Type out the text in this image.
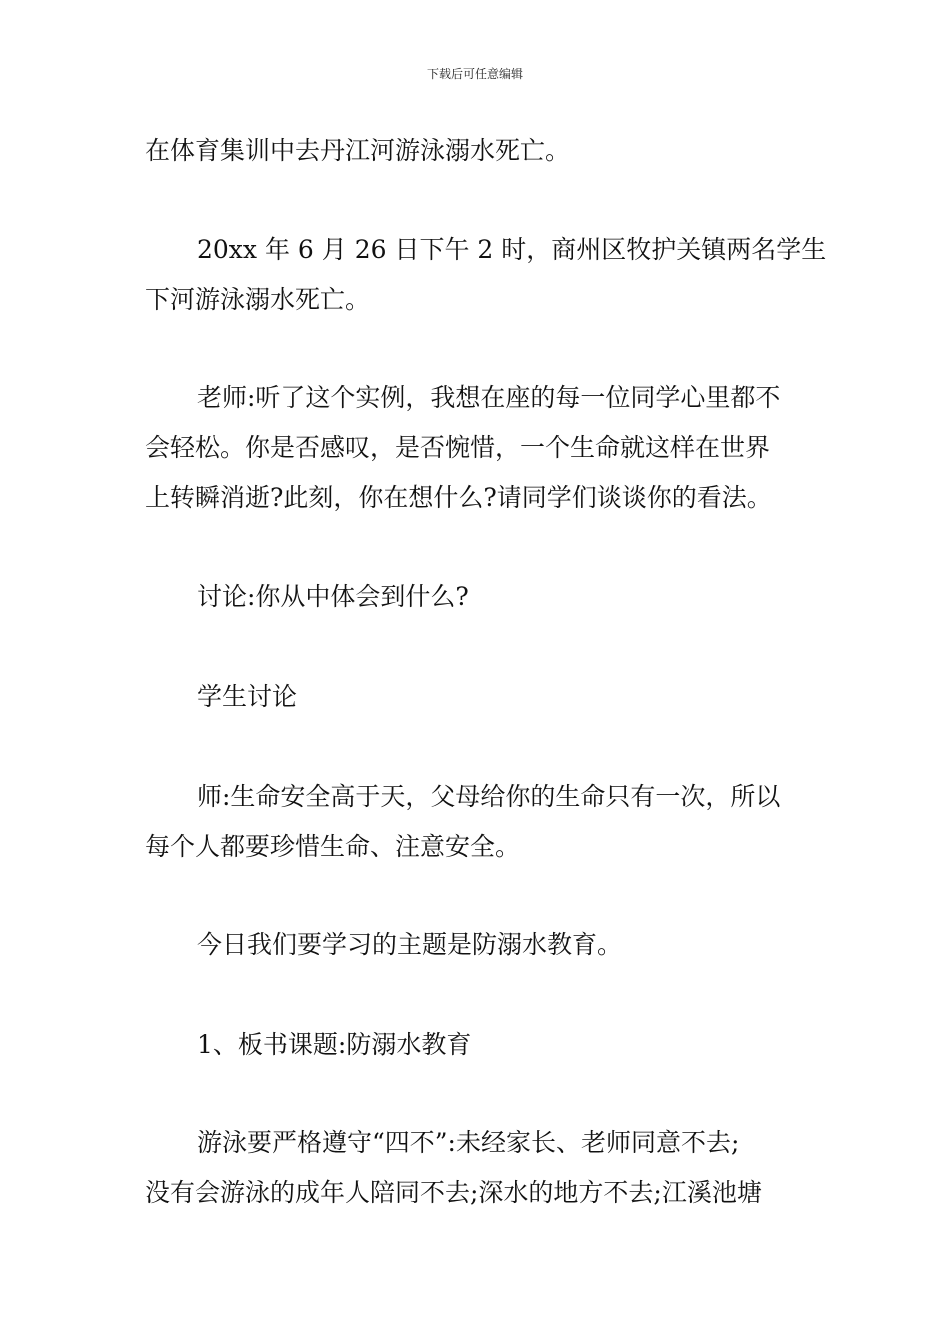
下载后可任意编辑
在体育集训中去丹江河游泳溺水死亡。
20xx 年 6 月 26 日下午 2 时，商州区牧护关镇两名学生
下河游泳溺水死亡。
老师:听了这个实例，我想在座的每一位同学心里都不
会轻松。你是否感叹，是否惋惜，一个生命就这样在世界
上转瞬消逝?此刻，你在想什么?请同学们谈谈你的看法。
讨论:你从中体会到什么?
学生讨论
师:生命安全高于天，父母给你的生命只有一次，所以
每个人都要珍惜生命、注意安全。
今日我们要学习的主题是防溺水教育。
1、板书课题:防溺水教育
游泳要严格遵守“四不”:未经家长、老师同意不去;
没有会游泳的成年人陪同不去;深水的地方不去;江溪池塘
